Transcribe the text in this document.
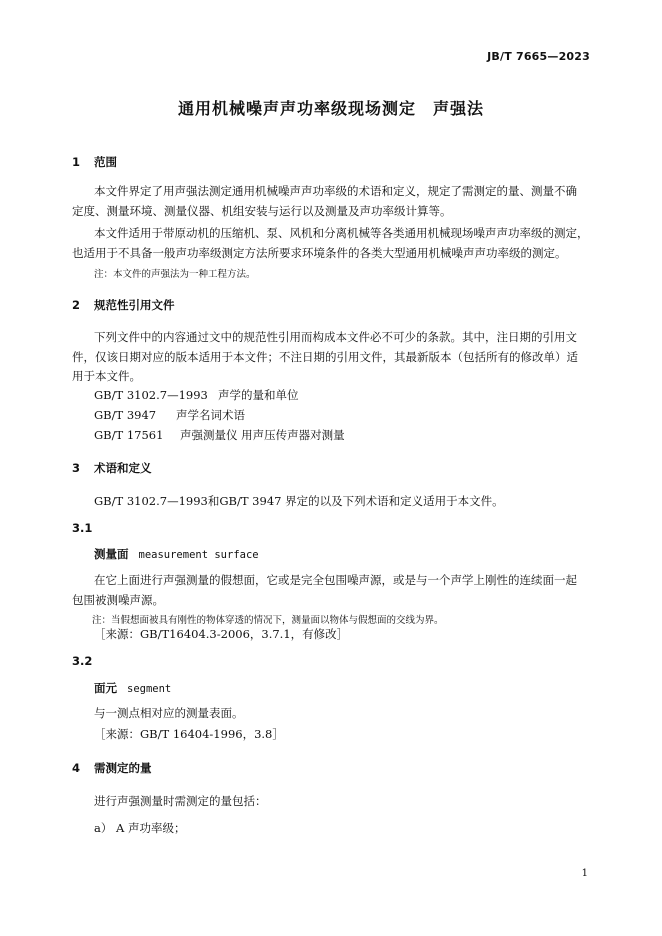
JB/T 7665—2023

通用机械噪声声功率级现场测定　声强法
1 范围

本文件界定了用声强法测定通用机械噪声声功率级的术语和定义，规定了需测定的量、测量不确

定度、测量环境、测量仪器、机组安装与运行以及测量及声功率级计算等。

本文件适用于带原动机的压缩机、泵、风机和分离机械等各类通用机械现场噪声声功率级的测定，

也适用于不具备一般声功率级测定方法所要求环境条件的各类大型通用机械噪声声功率级的测定。

注：本文件的声强法为一种工程方法。

2 规范性引用文件

下列文件中的内容通过文中的规范性引用而构成本文件必不可少的条款。其中，注日期的引用文

件，仅该日期对应的版本适用于本文件；不注日期的引用文件，其最新版本（包括所有的修改单）适

用于本文件。

GB/T 3102.7—1993 声学的量和单位
GB/T 3947 声学名词术语
GB/T 17561 声强测量仪 用声压传声器对测量
3 术语和定义

GB/T 3102.7—1993和GB/T 3947 界定的以及下列术语和定义适用于本文件。

3.1

测量面 measurement surface

在它上面进行声强测量的假想面，它或是完全包围噪声源，或是与一个声学上刚性的连续面一起

包围被测噪声源。

注：当假想面被具有刚性的物体穿透的情况下，测量面以物体与假想面的交线为界。

［来源：GB/T16404.3-2006，3.7.1，有修改］

3.2

面元 segment

与一测点相对应的测量表面。

［来源：GB/T 16404-1996，3.8］

4 需测定的量

进行声强测量时需测定的量包括：

a） A 声功率级；

1
